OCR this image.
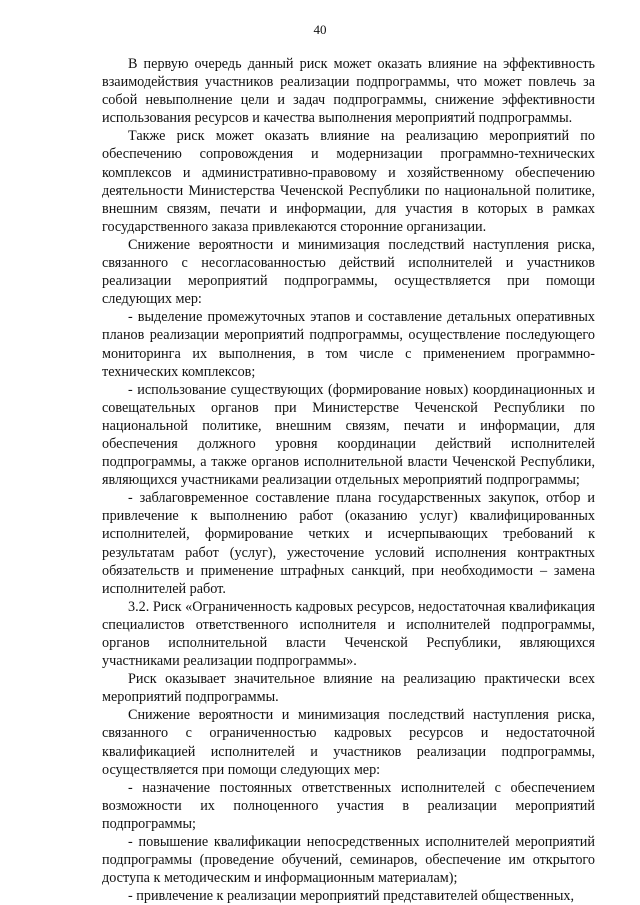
40

В первую очередь данный риск может оказать влияние на эффективность взаимодействия участников реализации подпрограммы, что может повлечь за собой невыполнение цели и задач подпрограммы, снижение эффективности использования ресурсов и качества выполнения мероприятий подпрограммы.

Также риск может оказать влияние на реализацию мероприятий по обеспечению сопровождения и модернизации программно-технических комплексов и административно-правовому и хозяйственному обеспечению деятельности Министерства Чеченской Республики по национальной политике, внешним связям, печати и информации, для участия в которых в рамках государственного заказа привлекаются сторонние организации.

Снижение вероятности и минимизация последствий наступления риска, связанного с несогласованностью действий исполнителей и участников реализации мероприятий подпрограммы, осуществляется при помощи следующих мер:

- выделение промежуточных этапов и составление детальных оперативных планов реализации мероприятий подпрограммы, осуществление последующего мониторинга их выполнения, в том числе с применением программно-технических комплексов;

- использование существующих (формирование новых) координационных и совещательных органов при Министерстве Чеченской Республики по национальной политике, внешним связям, печати и информации, для обеспечения должного уровня координации действий исполнителей подпрограммы, а также органов исполнительной власти Чеченской Республики, являющихся участниками реализации отдельных мероприятий подпрограммы;

- заблаговременное составление плана государственных закупок, отбор и привлечение к выполнению работ (оказанию услуг) квалифицированных исполнителей, формирование четких и исчерпывающих требований к результатам работ (услуг), ужесточение условий исполнения контрактных обязательств и применение штрафных санкций, при необходимости – замена исполнителей работ.

3.2. Риск «Ограниченность кадровых ресурсов, недостаточная квалификация специалистов ответственного исполнителя и исполнителей подпрограммы, органов исполнительной власти Чеченской Республики, являющихся участниками реализации подпрограммы».

Риск оказывает значительное влияние на реализацию практически всех мероприятий подпрограммы.

Снижение вероятности и минимизация последствий наступления риска, связанного с ограниченностью кадровых ресурсов и недостаточной квалификацией исполнителей и участников реализации подпрограммы, осуществляется при помощи следующих мер:

- назначение постоянных ответственных исполнителей с обеспечением возможности их полноценного участия в реализации мероприятий подпрограммы;

- повышение квалификации непосредственных исполнителей мероприятий подпрограммы (проведение обучений, семинаров, обеспечение им открытого доступа к методическим и информационным материалам);

- привлечение к реализации мероприятий представителей общественных,
